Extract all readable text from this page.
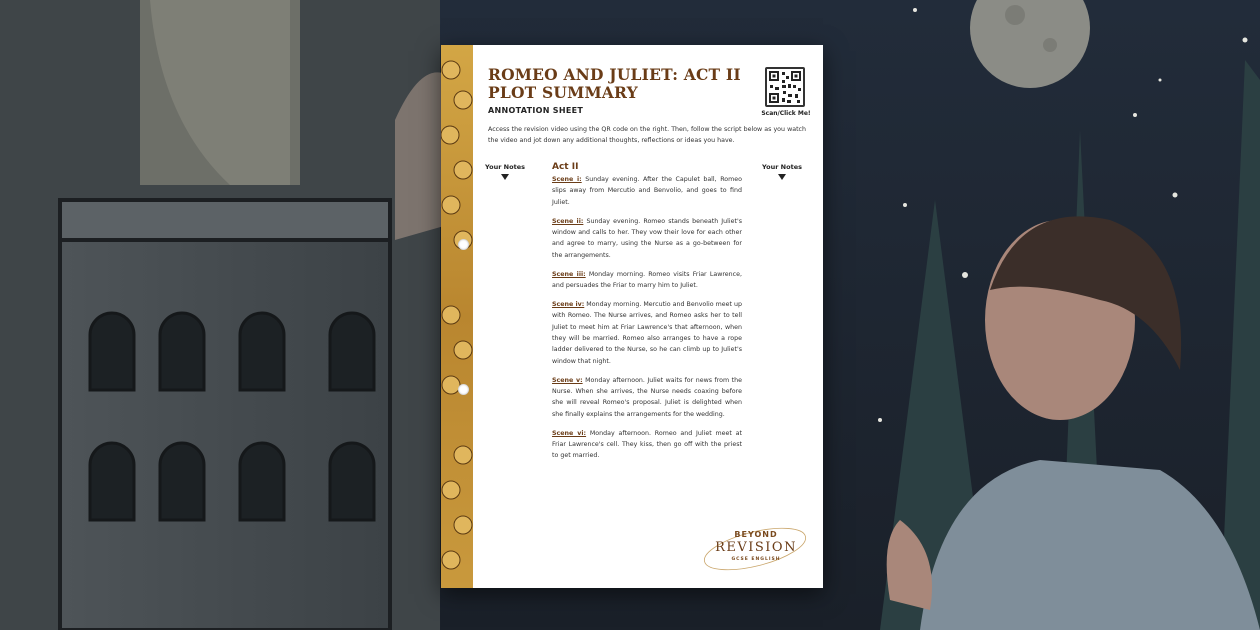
ROMEO AND JULIET: ACT II PLOT SUMMARY
ANNOTATION SHEET	Scan/Click Me!
Access the revision video using the QR code on the right. Then, follow the script below as you watch the video and jot down any additional thoughts, reflections or ideas you have.
Your Notes	Your Notes
Act II

Scene i: Sunday evening. After the Capulet ball, Romeo slips away from Mercutio and Benvolio, and goes to find Juliet.

Scene ii: Sunday evening. Romeo stands beneath Juliet's window and calls to her. They vow their love for each other and agree to marry, using the Nurse as a go-between for the arrangements.

Scene iii: Monday morning. Romeo visits Friar Lawrence, and persuades the Friar to marry him to Juliet.

Scene iv: Monday morning. Mercutio and Benvolio meet up with Romeo. The Nurse arrives, and Romeo asks her to tell Juliet to meet him at Friar Lawrence's that afternoon, when they will be married. Romeo also arranges to have a rope ladder delivered to the Nurse, so he can climb up to Juliet's window that night.

Scene v: Monday afternoon. Juliet waits for news from the Nurse. When she arrives, the Nurse needs coaxing before she will reveal Romeo's proposal. Juliet is delighted when she finally explains the arrangements for the wedding.

Scene vi: Monday afternoon. Romeo and Juliet meet at Friar Lawrence's cell. They kiss, then go off with the priest to get married.

BEYOND
REVISION
GCSE ENGLISH
